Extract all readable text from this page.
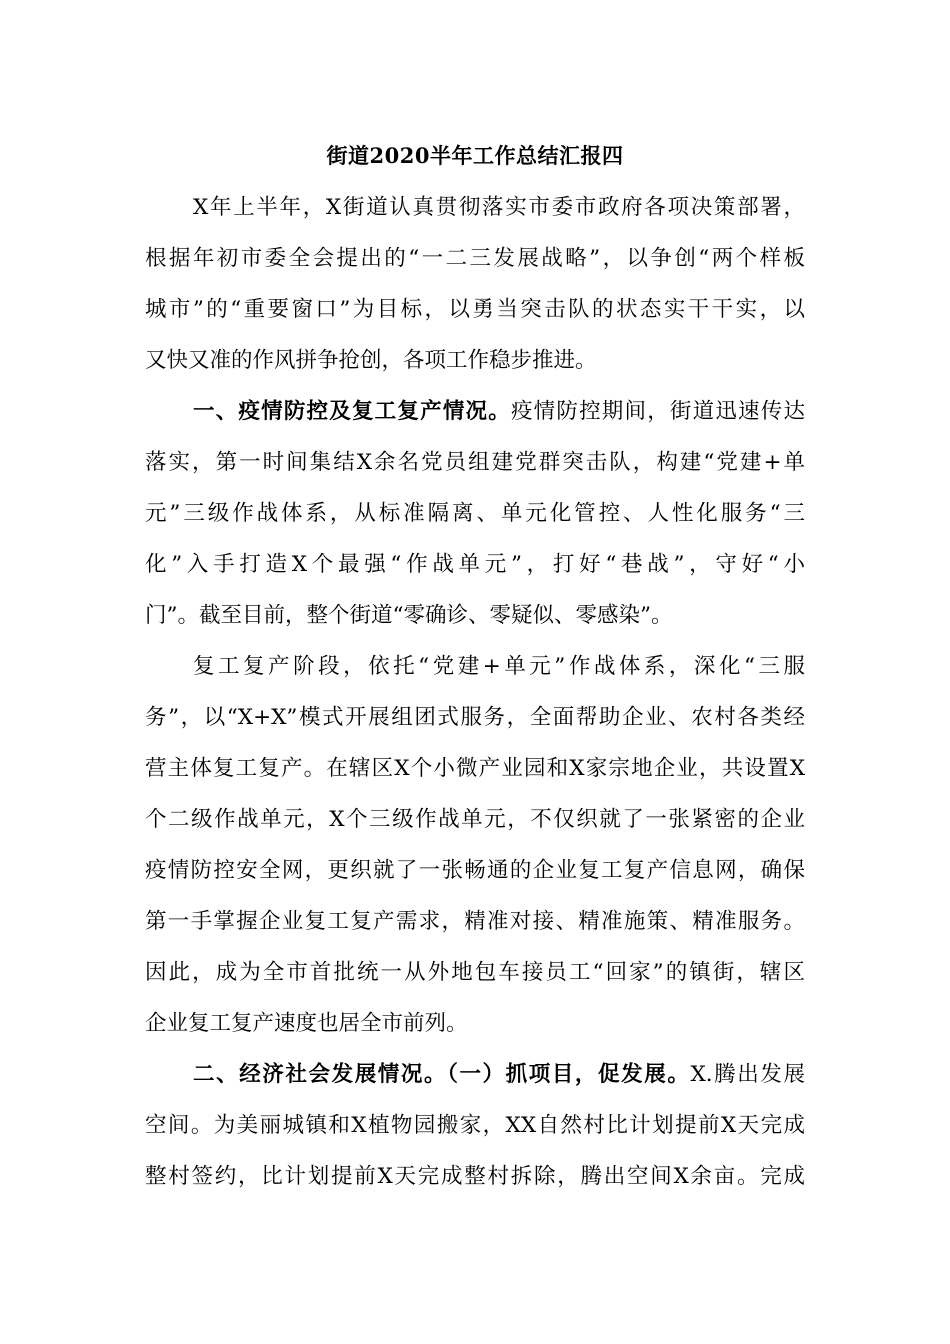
街道2020半年工作总结汇报四
X年上半年，X街道认真贯彻落实市委市政府各项决策部署，
根据年初市委全会提出的“一二三发展战略”，以争创“两个样板
城市”的“重要窗口”为目标，以勇当突击队的状态实干干实，以
又快又准的作风拼争抢创，各项工作稳步推进。
一、疫情防控及复工复产情况。疫情防控期间，街道迅速传达
落实，第一时间集结X余名党员组建党群突击队，构建“党建+单
元”三级作战体系，从标准隔离、单元化管控、人性化服务“三
化”入手打造X个最强“作战单元”，打好“巷战”，守好“小
门”。截至目前，整个街道“零确诊、零疑似、零感染”。
复工复产阶段，依托“党建+单元”作战体系，深化“三服
务”，以“X+X”模式开展组团式服务，全面帮助企业、农村各类经
营主体复工复产。在辖区X个小微产业园和X家宗地企业，共设置X
个二级作战单元，X个三级作战单元，不仅织就了一张紧密的企业
疫情防控安全网，更织就了一张畅通的企业复工复产信息网，确保
第一手掌握企业复工复产需求，精准对接、精准施策、精准服务。
因此，成为全市首批统一从外地包车接员工“回家”的镇街，辖区
企业复工复产速度也居全市前列。
二、经济社会发展情况。（一）抓项目，促发展。X.腾出发展
空间。为美丽城镇和X植物园搬家，XX自然村比计划提前X天完成
整村签约，比计划提前X天完成整村拆除，腾出空间X余亩。完成
